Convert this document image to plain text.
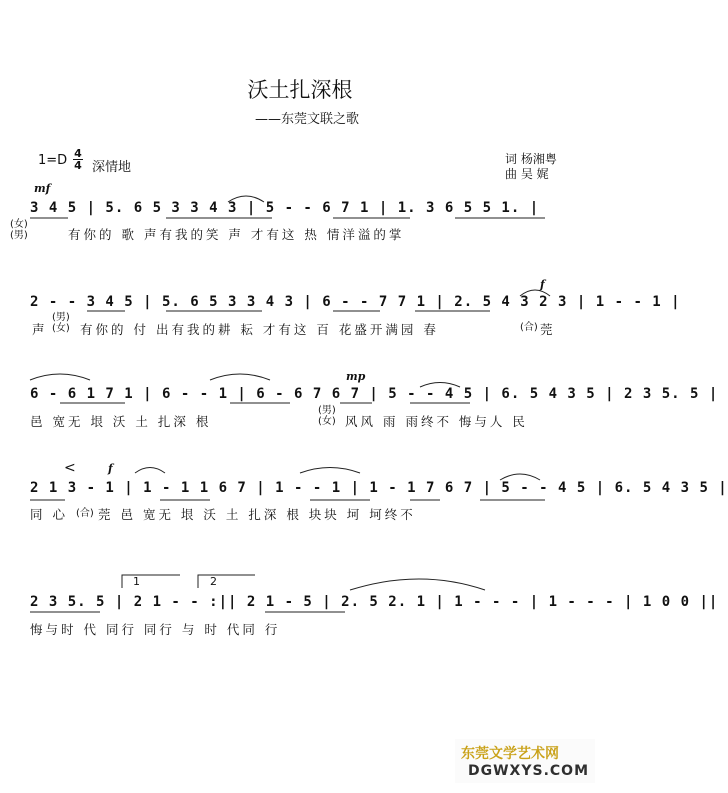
沃土扎深根
——东莞文联之歌
1=D 4
4 深情地
词 杨湘粤
曲 吴 娓
mf
3 4 5 | 5. 6 5 3 3 4 3 | 5 - - 6 7 1 | 1. 3 6 5 5 1. |
(女)
(男)	有你的 歌 声有我的笑 声 才有这 热 情洋溢的掌
f
2 - - 3 4 5 | 5. 6 5 3 3 4 3 | 6 - - 7 7 1 | 2. 5 4 3 2 3 | 1 - - 1 |
声
(男)
(女) 有你的 付 出有我的耕 耘 才有这 百 花盛开满园 春	(合) 莞
mp
6 - 6 1 7 1 | 6 - - 1 | 6 - 6 7 6 7 | 5 - - 4 5 | 6. 5 4 3 5 | 2 3 5. 5 |
邑 宽无 垠 沃 土 扎深 根
(男)
(女) 风风 雨 雨终不 悔与人 民
<	f
2 1 3 - 1 | 1 - 1 1 6 7 | 1 - - 1 | 1 - 1 7 6 7 | 5 - - 4 5 | 6. 5 4 3 5 |
同 心 (合) 莞 邑 宽无 垠 沃 土 扎深 根 块块 坷 坷终不
1	2
2 3 5. 5 | 2 1 - - :|| 2 1 - 5 | 2. 5 2. 1 | 1 - - - | 1 - - - | 1 0 0 ||
悔与时 代 同行 同行 与 时 代同 行
东莞文学艺术网
DGWXYS.COM
